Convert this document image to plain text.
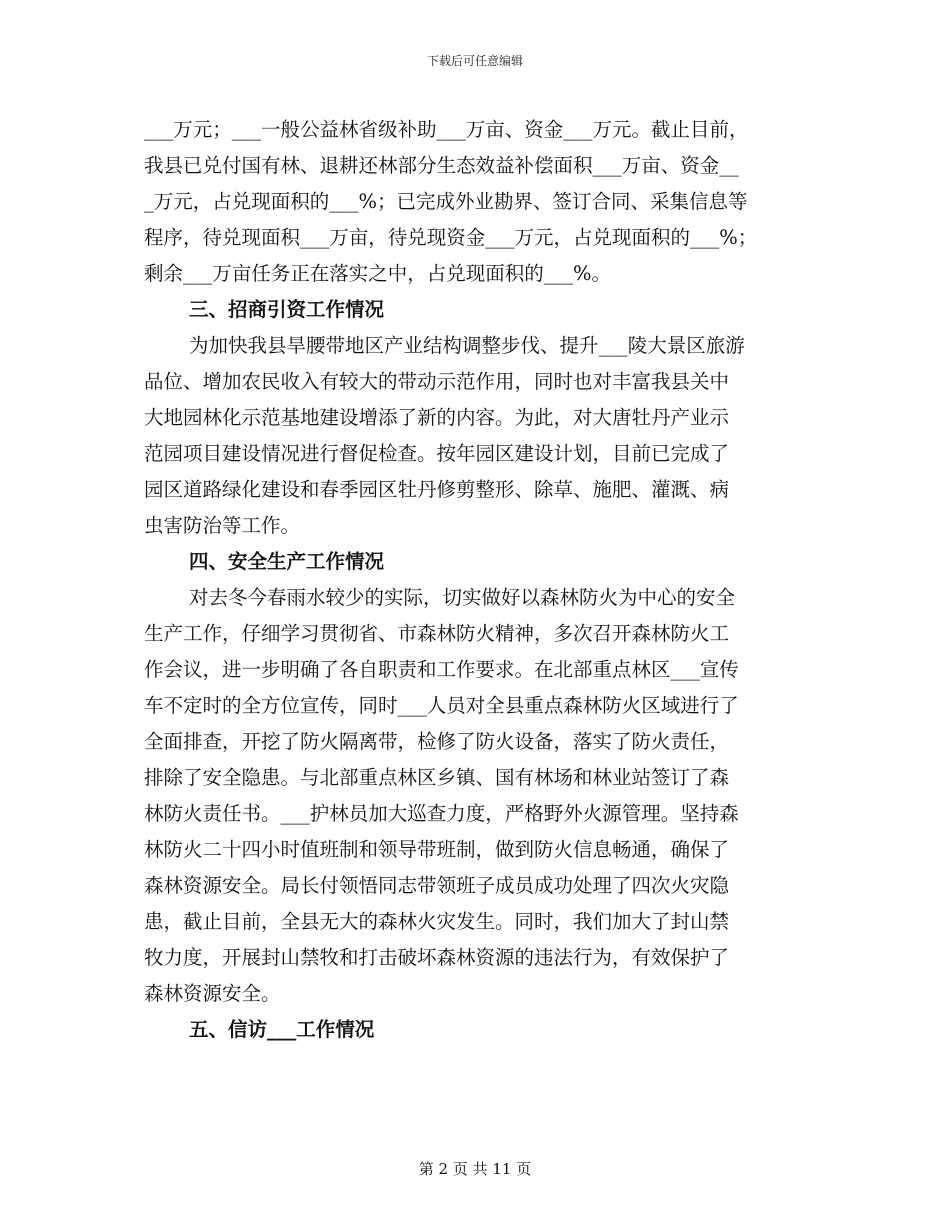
下载后可任意编辑
___万元；___一般公益林省级补助___万亩、资金___万元。截止目前，
我县已兑付国有林、退耕还林部分生态效益补偿面积___万亩、资金__
_万元，占兑现面积的___%；已完成外业勘界、签订合同、采集信息等
程序，待兑现面积___万亩，待兑现资金___万元，占兑现面积的___%；
剩余___万亩任务正在落实之中，占兑现面积的___%。
三、招商引资工作情况
为加快我县旱腰带地区产业结构调整步伐、提升___陵大景区旅游
品位、增加农民收入有较大的带动示范作用，同时也对丰富我县关中
大地园林化示范基地建设增添了新的内容。为此，对大唐牡丹产业示
范园项目建设情况进行督促检查。按年园区建设计划，目前已完成了
园区道路绿化建设和春季园区牡丹修剪整形、除草、施肥、灌溉、病
虫害防治等工作。
四、安全生产工作情况
对去冬今春雨水较少的实际，切实做好以森林防火为中心的安全
生产工作，仔细学习贯彻省、市森林防火精神，多次召开森林防火工
作会议，进一步明确了各自职责和工作要求。在北部重点林区___宣传
车不定时的全方位宣传，同时___人员对全县重点森林防火区域进行了
全面排查，开挖了防火隔离带，检修了防火设备，落实了防火责任，
排除了安全隐患。与北部重点林区乡镇、国有林场和林业站签订了森
林防火责任书。___护林员加大巡查力度，严格野外火源管理。坚持森
林防火二十四小时值班制和领导带班制，做到防火信息畅通，确保了
森林资源安全。局长付领悟同志带领班子成员成功处理了四次火灾隐
患，截止目前，全县无大的森林火灾发生。同时，我们加大了封山禁
牧力度，开展封山禁牧和打击破坏森林资源的违法行为，有效保护了
森林资源安全。
五、信访___工作情况
第 2 页 共 11 页
